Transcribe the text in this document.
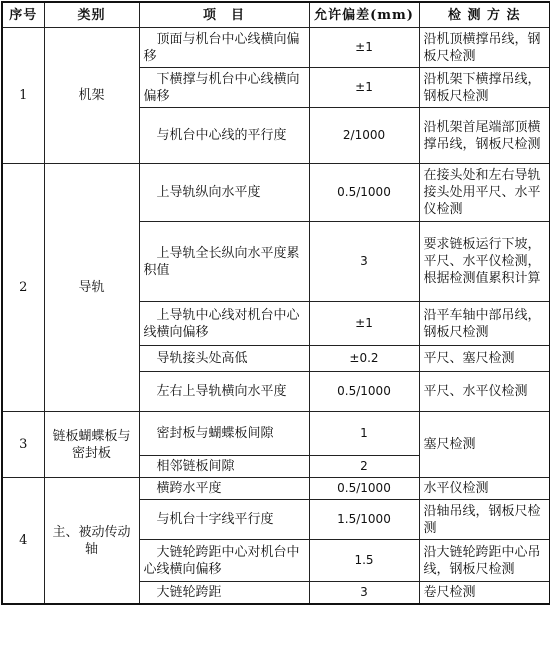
序号	类别	项　目	允许偏差(mm)	检 测 方 法
1	机架	顶面与机台中心线横向偏移	±1	沿机顶横撑吊线，钢板尺检测
		下横撑与机台中心线横向偏移	±1	沿机架下横撑吊线，钢板尺检测
		与机台中心线的平行度	2/1000	沿机架首尾端部顶横撑吊线，钢板尺检测
2	导轨	上导轨纵向水平度	0.5/1000	在接头处和左右导轨接头处用平尺、水平仪检测
		上导轨全长纵向水平度累积值	3	要求链板运行下坡，平尺、水平仪检测，根据检测值累积计算
		上导轨中心线对机台中心线横向偏移	±1	沿平车轴中部吊线，钢板尺检测
		导轨接头处高低	±0.2	平尺、塞尺检测
		左右上导轨横向水平度	0.5/1000	平尺、水平仪检测
3	链板蝴蝶板与密封板	密封板与蝴蝶板间隙	1	塞尺检测
		相邻链板间隙	2	
4	主、被动传动轴	横跨水平度	0.5/1000	水平仪检测
		与机台十字线平行度	1.5/1000	沿轴吊线，钢板尺检测
		大链轮跨距中心对机台中心线横向偏移	1.5	沿大链轮跨距中心吊线，钢板尺检测
		大链轮跨距	3	卷尺检测
